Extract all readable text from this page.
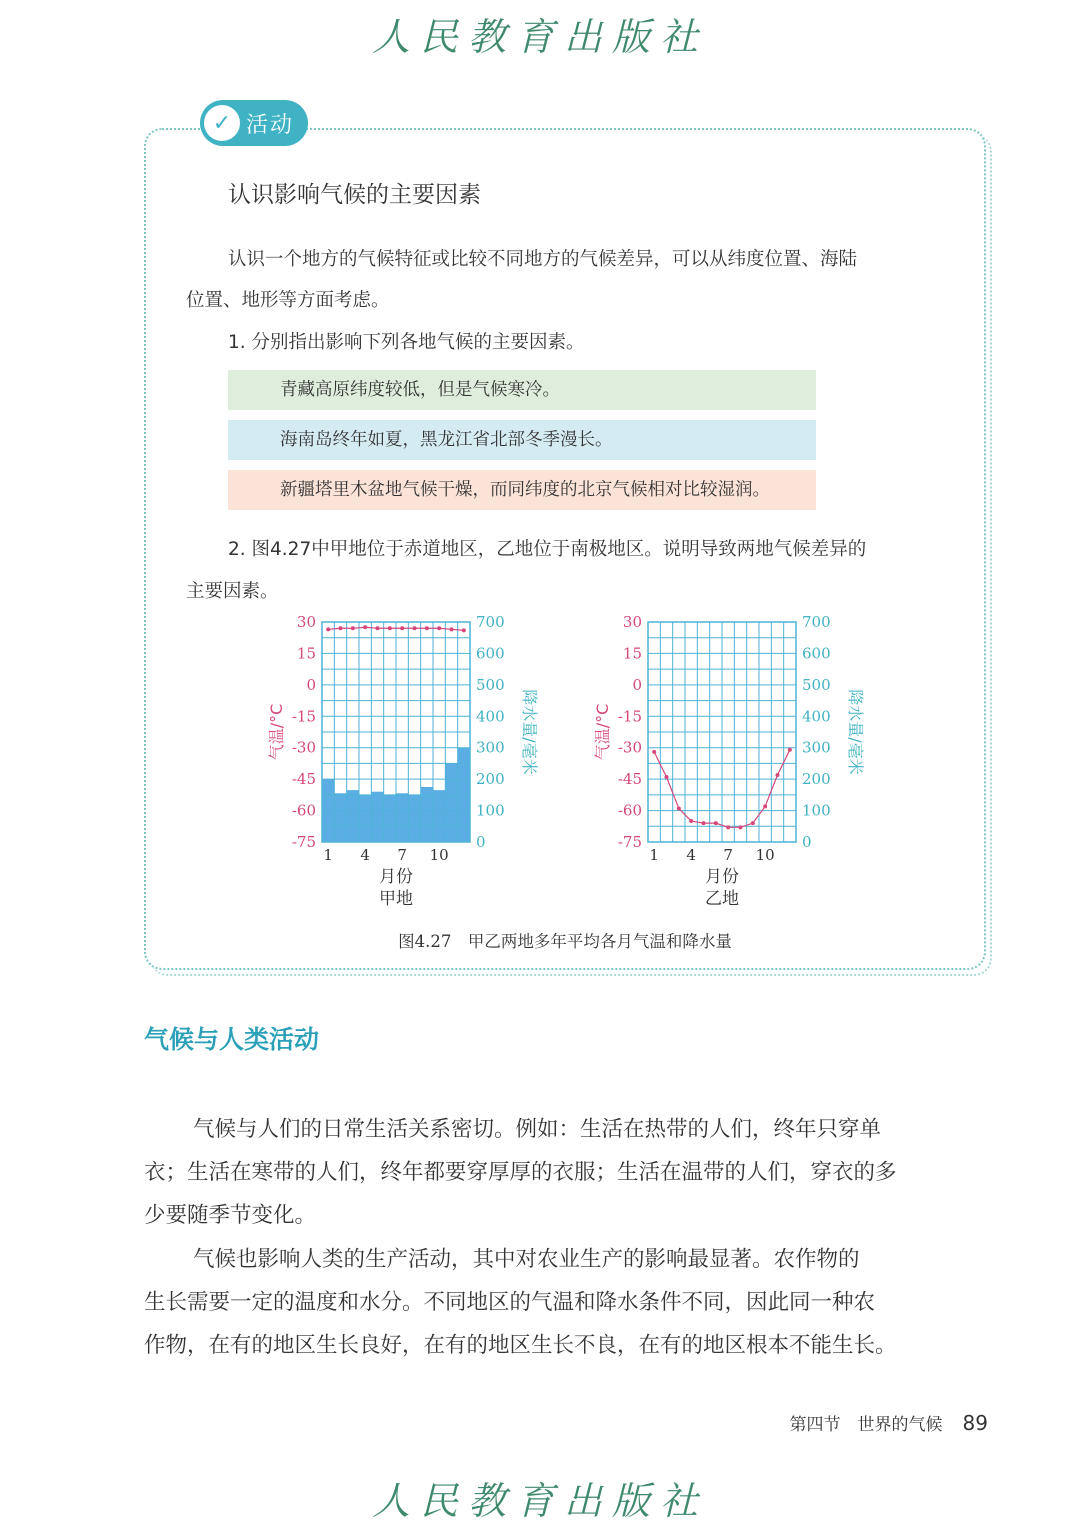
人民教育出版社
✓ 活动
认识影响气候的主要因素
认识一个地方的气候特征或比较不同地方的气候差异，可以从纬度位置、海陆
位置、地形等方面考虑。
1. 分别指出影响下列各地气候的主要因素。
青藏高原纬度较低，但是气候寒冷。
海南岛终年如夏，黑龙江省北部冬季漫长。
新疆塔里木盆地气候干燥，而同纬度的北京气候相对比较湿润。
2. 图4.27中甲地位于赤道地区，乙地位于南极地区。说明导致两地气候差异的
主要因素。
30
15
0
-15
-30
-45
-60
-75
700
600
500
400
300
200
100
0
1 4 7 10
气温/°C	降水量/毫米
月份
甲地
30
15
0
-15
-30
-45
-60
-75
700
600
500
400
300
200
100
0
1 4 7 10
气温/°C	降水量/毫米
月份
乙地
图4.27　甲乙两地多年平均各月气温和降水量
气候与人类活动
气候与人们的日常生活关系密切。例如：生活在热带的人们，终年只穿单
衣；生活在寒带的人们，终年都要穿厚厚的衣服；生活在温带的人们，穿衣的多
少要随季节变化。
气候也影响人类的生产活动，其中对农业生产的影响最显著。农作物的
生长需要一定的温度和水分。不同地区的气温和降水条件不同，因此同一种农
作物，在有的地区生长良好，在有的地区生长不良，在有的地区根本不能生长。
第四节　世界的气候 89
人民教育出版社
